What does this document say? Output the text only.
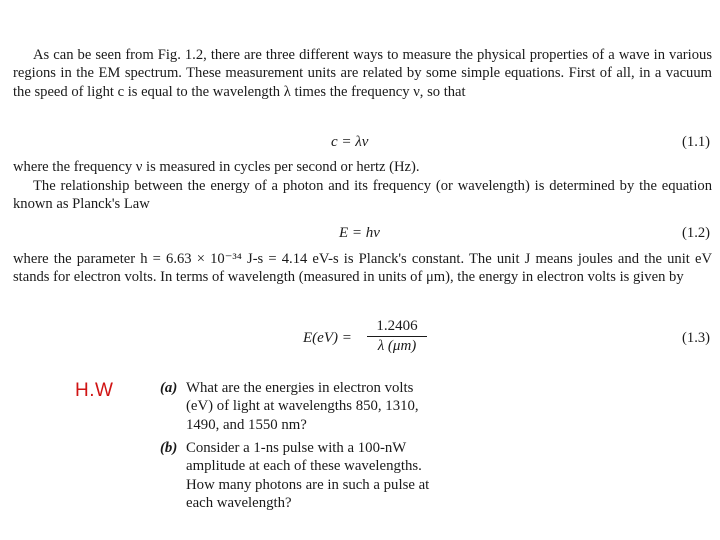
As can be seen from Fig. 1.2, there are three different ways to measure the physical properties of a wave in various regions in the EM spectrum. These measurement units are related by some simple equations. First of all, in a vacuum the speed of light c is equal to the wavelength λ times the frequency ν, so that

c = λν	(1.1)

where the frequency ν is measured in cycles per second or hertz (Hz).

The relationship between the energy of a photon and its frequency (or wavelength) is determined by the equation known as Planck's Law

E = hν	(1.2)

where the parameter h = 6.63 × 10⁻³⁴ J-s = 4.14 eV-s is Planck's constant. The unit J means joules and the unit eV stands for electron volts. In terms of wavelength (measured in units of μm), the energy in electron volts is given by

$E(eV) = \frac{1.2406}{\lambda (\mu m)}$	(1.3)
H.W	(a) What are the energies in electron volts
(eV) of light at wavelengths 850, 1310,
1490, and 1550 nm?
(b) Consider a 1-ns pulse with a 100-nW
amplitude at each of these wavelengths.
How many photons are in such a pulse at
each wavelength?
